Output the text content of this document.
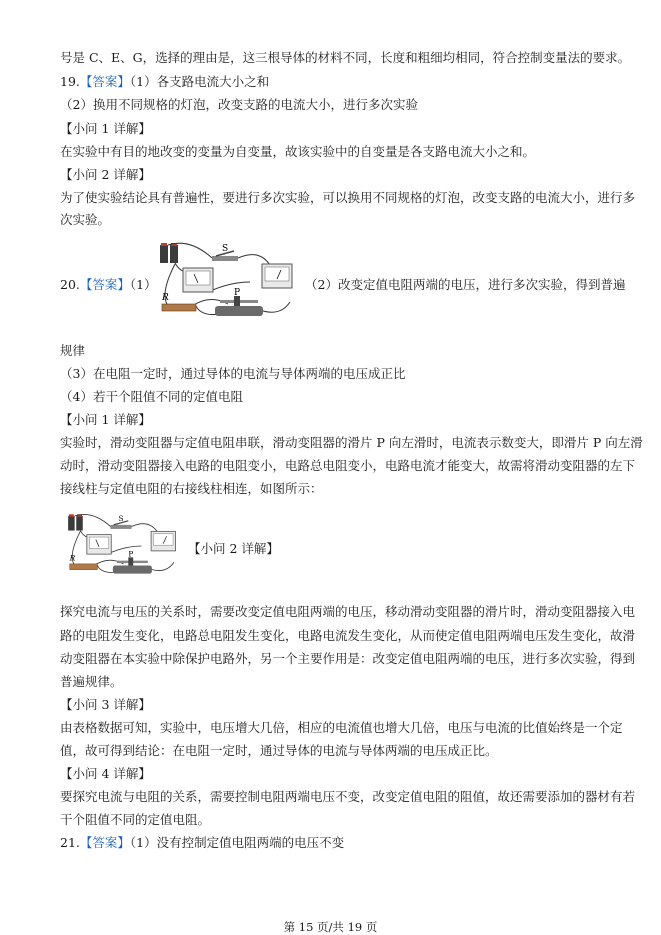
号是 C、E、G，选择的理由是，这三根导体的材料不同，长度和粗细均相同，符合控制变量法的要求。
19.【答案】（1）各支路电流大小之和
（2）换用不同规格的灯泡，改变支路的电流大小，进行多次实验
【小问 1 详解】
在实验中有目的地改变的变量为自变量，故该实验中的自变量是各支路电流大小之和。
【小问 2 详解】
为了使实验结论具有普遍性，要进行多次实验，可以换用不同规格的灯泡，改变支路的电流大小，进行多
次实验。
20.【答案】（1）
S
R	P
（2）改变定值电阻两端的电压，进行多次实验，得到普遍
规律
（3）在电阻一定时，通过导体的电流与导体两端的电压成正比
（4）若干个阻值不同的定值电阻
【小问 1 详解】
实验时，滑动变阻器与定值电阻串联，滑动变阻器的滑片 P 向左滑时，电流表示数变大，即滑片 P 向左滑
动时，滑动变阻器接入电路的电阻变小，电路总电阻变小，电路电流才能变大，故需将滑动变阻器的左下
接线柱与定值电阻的右接线柱相连，如图所示：
S
R	P	【小问 2 详解】
探究电流与电压的关系时，需要改变定值电阻两端的电压，移动滑动变阻器的滑片时，滑动变阻器接入电
路的电阻发生变化，电路总电阻发生变化，电路电流发生变化，从而使定值电阻两端电压发生变化，故滑
动变阻器在本实验中除保护电路外，另一个主要作用是：改变定值电阻两端的电压，进行多次实验，得到
普遍规律。
【小问 3 详解】
由表格数据可知，实验中，电压增大几倍，相应的电流值也增大几倍，电压与电流的比值始终是一个定
值，故可得到结论：在电阻一定时，通过导体的电流与导体两端的电压成正比。
【小问 4 详解】
要探究电流与电阻的关系，需要控制电阻两端电压不变，改变定值电阻的阻值，故还需要添加的器材有若
干个阻值不同的定值电阻。
21.【答案】（1）没有控制定值电阻两端的电压不变
第 15 页/共 19 页
